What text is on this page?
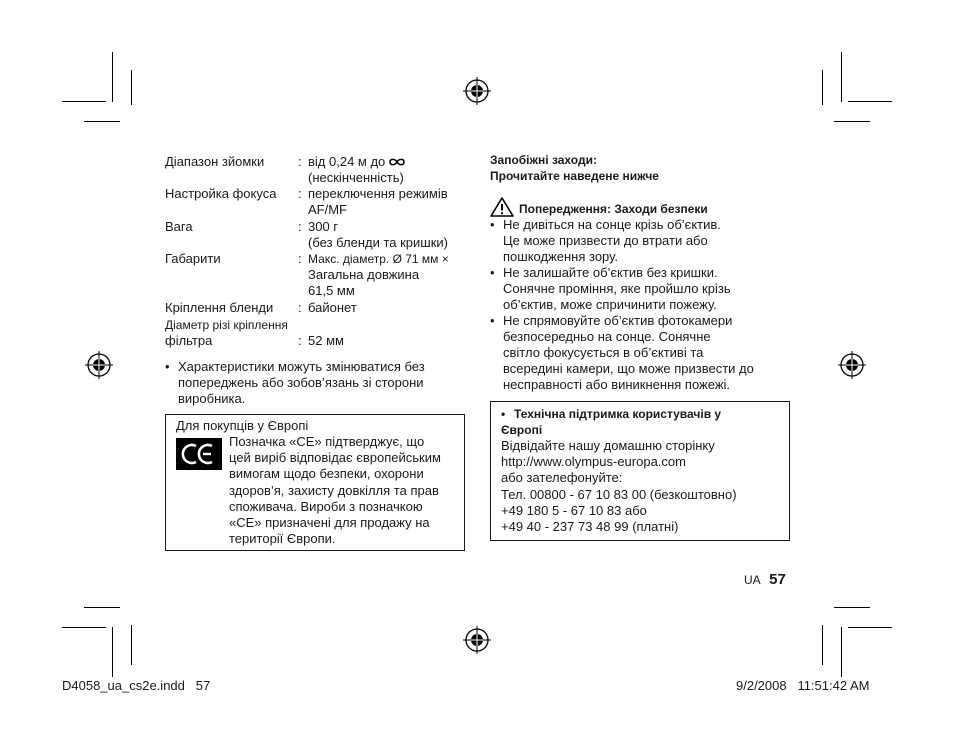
Діапазон зйомки	: від 0,24 м до
(нескінченність)
Настройка фокуса : переключення режимів
AF/MF
Вага	: 300 г
(без бленди та кришки)
Габарити	: Макс. діаметр. Ø 71 мм ×
Загальна довжина
61,5 мм
Кріплення бленди : байонет
Діаметр різі кріплення
фільтра	: 52 мм
• Характеристики можуть змінюватися без
попереджень або зобов’язань зі сторони
виробника.
Для покупців у Європі
Позначка «CE» підтверджує, що
цей виріб відповідає європейським
вимогам щодо безпеки, охорони
здоров’я, захисту довкілля та прав
споживача. Вироби з позначкою
«CE» призначені для продажу на
території Європи.
Запобіжні заходи:
Прочитайте наведене нижче
Попередження: Заходи безпеки
• Не дивіться на сонце крізь об’єктив.
Це може призвести до втрати або
пошкодження зору.
• Не залишайте об’єктив без кришки.
Сонячне проміння, яке пройшло крізь
об’єктив, може спричинити пожежу.
• Не спрямовуйте об’єктив фотокамери
безпосередньо на сонце. Сонячне
світло фокусується в об’єктиві та
всередині камери, що може призвести до
несправності або виникнення пожежі.
• Технічна підтримка користувачів у
Європі
Відвідайте нашу домашню сторінку
http://www.olympus-europa.com
або зателефонуйте:
Тел. 00800 - 67 10 83 00 (безкоштовно)
+49 180 5 - 67 10 83 або
+49 40 - 237 73 48 99 (платні)
UA 57
D4058_ua_cs2e.indd   57	9/2/2008   11:51:42 AM
